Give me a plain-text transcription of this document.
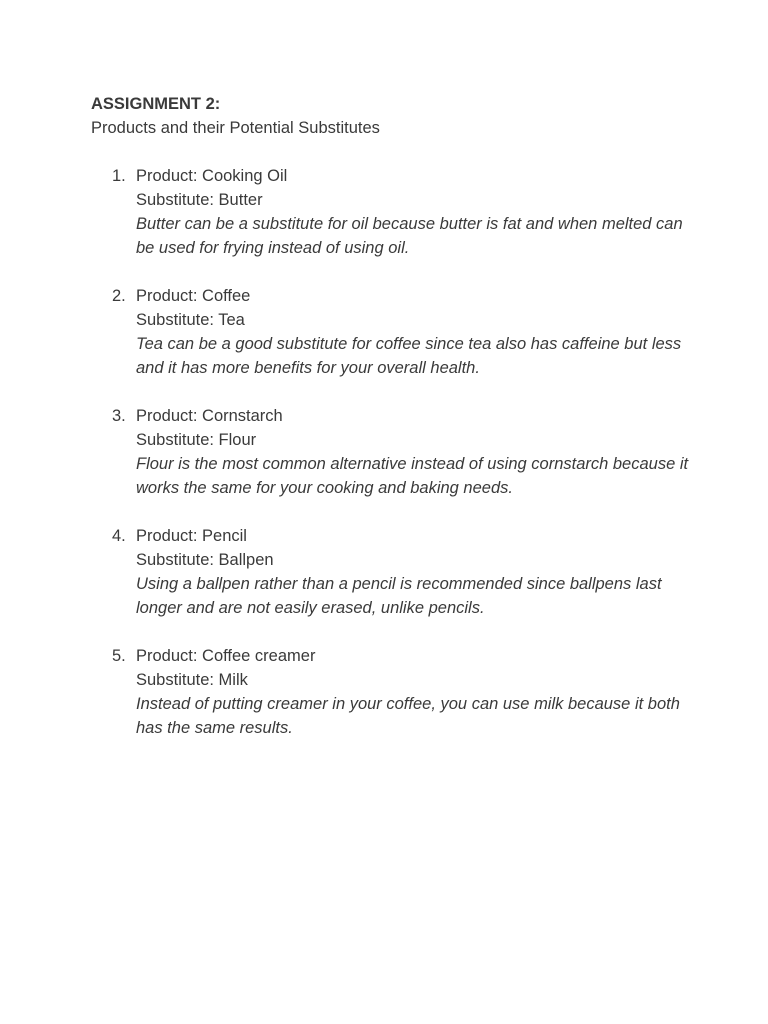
ASSIGNMENT 2:

Products and their Potential Substitutes

1. Product: Cooking Oil
Substitute: Butter
Butter can be a substitute for oil because butter is fat and when melted can be used for frying instead of using oil.
2. Product: Coffee
Substitute: Tea
Tea can be a good substitute for coffee since tea also has caffeine but less and it has more benefits for your overall health.
3. Product: Cornstarch
Substitute: Flour
Flour is the most common alternative instead of using cornstarch because it works the same for your cooking and baking needs.
4. Product: Pencil
Substitute: Ballpen
Using a ballpen rather than a pencil is recommended since ballpens last longer and are not easily erased, unlike pencils.
5. Product: Coffee creamer
Substitute: Milk
Instead of putting creamer in your coffee, you can use milk because it both has the same results.
